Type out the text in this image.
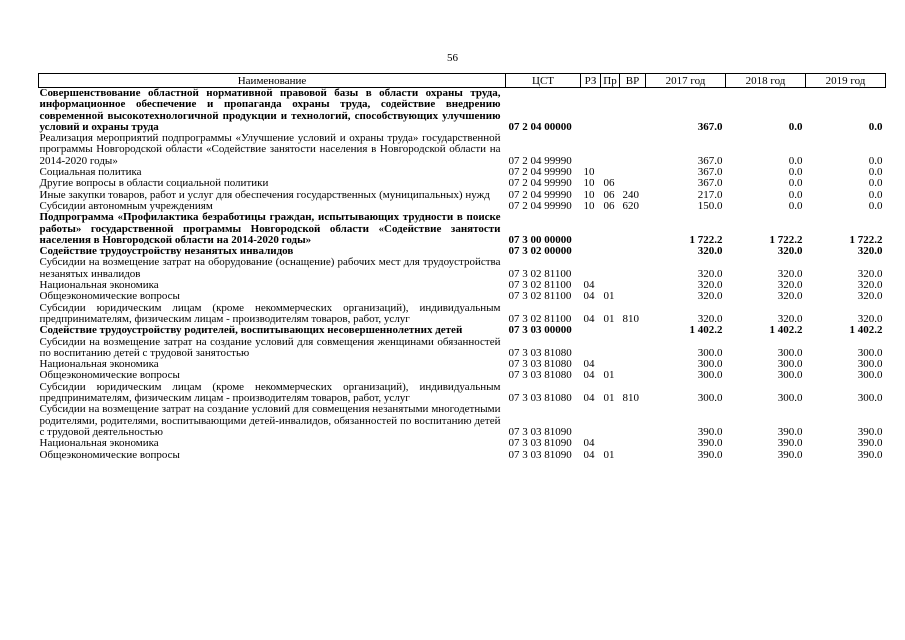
56
Наименование	ЦСТ	РЗ	Пр	ВР	2017 год	2018 год	2019 год
Совершенствование областной нормативной правовой базы в области охраны труда, информационное обеспечение и пропаганда охраны труда, содействие внедрению современной высокотехнологичной продукции и технологий, способствующих улучшению условий и охраны труда	07 2 04 00000				367.0	0.0	0.0
Реализация мероприятий подпрограммы «Улучшение условий и охраны труда» государственной программы Новгородской области «Содействие занятости населения в Новгородской области на 2014-2020 годы»	07 2 04 99990				367.0	0.0	0.0
Социальная политика	07 2 04 99990	10			367.0	0.0	0.0
Другие вопросы в области социальной политики	07 2 04 99990	10	06		367.0	0.0	0.0
Иные закупки товаров, работ и услуг для обеспечения государственных (муниципальных) нужд	07 2 04 99990	10	06	240	217.0	0.0	0.0
Субсидии автономным учреждениям	07 2 04 99990	10	06	620	150.0	0.0	0.0
Подпрограмма «Профилактика безработицы граждан, испытывающих трудности в поиске работы» государственной программы Новгородской области «Содействие занятости населения в Новгородской области на 2014-2020 годы»	07 3 00 00000				1 722.2	1 722.2	1 722.2
Содействие трудоустройству незанятых инвалидов	07 3 02 00000				320.0	320.0	320.0
Субсидии на возмещение затрат на оборудование (оснащение) рабочих мест для трудоустройства незанятых инвалидов	07 3 02 81100				320.0	320.0	320.0
Национальная экономика	07 3 02 81100	04			320.0	320.0	320.0
Общеэкономические вопросы	07 3 02 81100	04	01		320.0	320.0	320.0
Субсидии юридическим лицам (кроме некоммерческих организаций), индивидуальным предпринимателям, физическим лицам - производителям товаров, работ, услуг	07 3 02 81100	04	01	810	320.0	320.0	320.0
Содействие трудоустройству родителей, воспитывающих несовершеннолетних детей	07 3 03 00000				1 402.2	1 402.2	1 402.2
Субсидии на возмещение затрат на создание условий для совмещения женщинами обязанностей по воспитанию детей с трудовой занятостью	07 3 03 81080				300.0	300.0	300.0
Национальная экономика	07 3 03 81080	04			300.0	300.0	300.0
Общеэкономические вопросы	07 3 03 81080	04	01		300.0	300.0	300.0
Субсидии юридическим лицам (кроме некоммерческих организаций), индивидуальным предпринимателям, физическим лицам - производителям товаров, работ, услуг	07 3 03 81080	04	01	810	300.0	300.0	300.0
Субсидии на возмещение затрат на создание условий для совмещения незанятыми многодетными родителями, родителями, воспитывающими детей-инвалидов, обязанностей по воспитанию детей с трудовой деятельностью	07 3 03 81090				390.0	390.0	390.0
Национальная экономика	07 3 03 81090	04			390.0	390.0	390.0
Общеэкономические вопросы	07 3 03 81090	04	01		390.0	390.0	390.0
